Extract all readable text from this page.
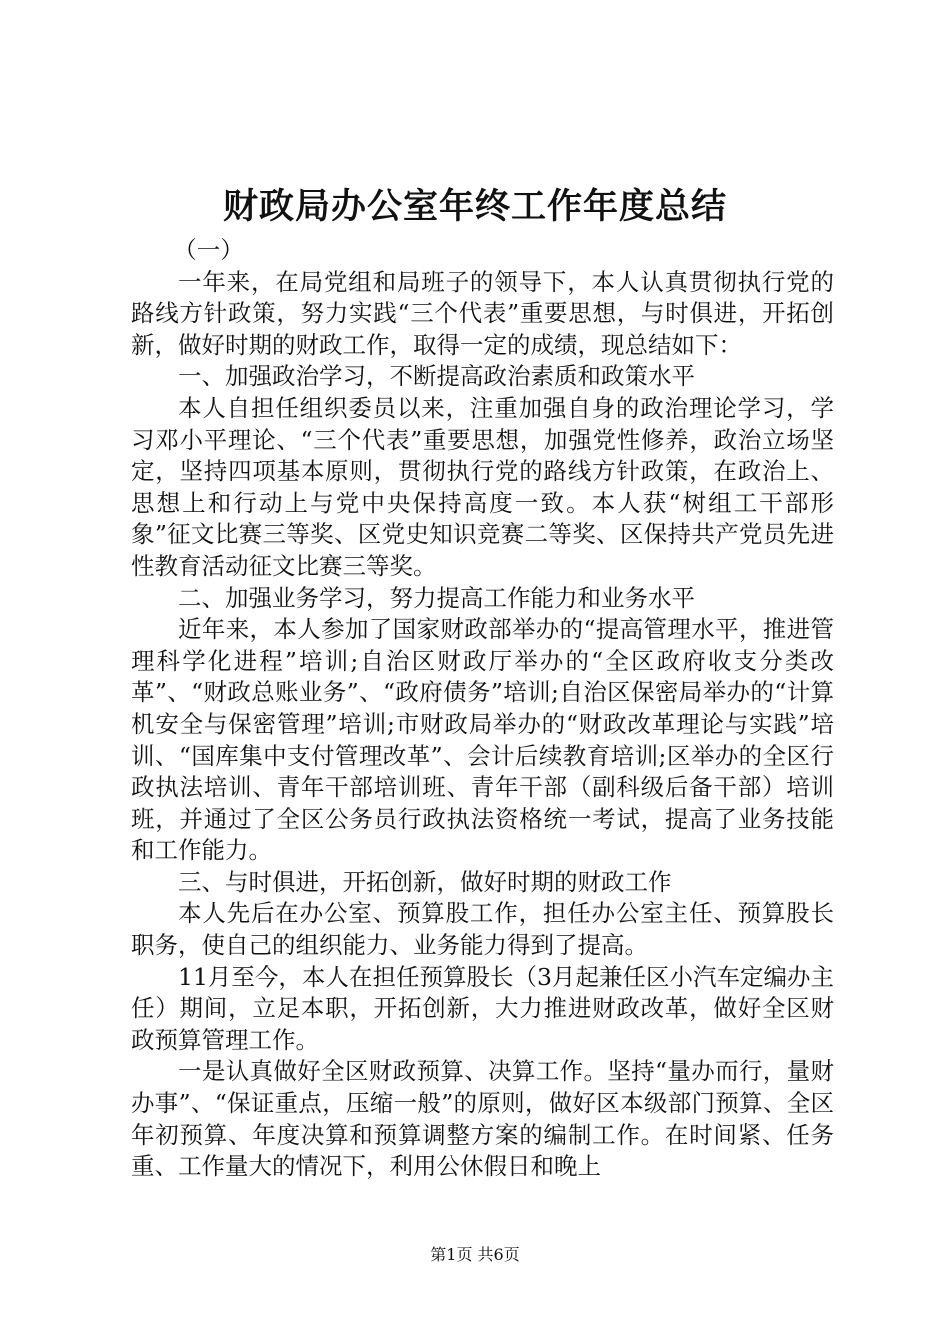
财政局办公室年终工作年度总结

（一）

一年来，在局党组和局班子的领导下，本人认真贯彻执行党的路线方针政策，努力实践“三个代表”重要思想，与时俱进，开拓创新，做好时期的财政工作，取得一定的成绩，现总结如下：

一、加强政治学习，不断提高政治素质和政策水平

本人自担任组织委员以来，注重加强自身的政治理论学习，学习邓小平理论、“三个代表”重要思想，加强党性修养，政治立场坚定，坚持四项基本原则，贯彻执行党的路线方针政策，在政治上、思想上和行动上与党中央保持高度一致。本人获“树组工干部形象”征文比赛三等奖、区党史知识竞赛二等奖、区保持共产党员先进性教育活动征文比赛三等奖。

二、加强业务学习，努力提高工作能力和业务水平

近年来，本人参加了国家财政部举办的“提高管理水平，推进管理科学化进程”培训;自治区财政厅举办的“全区政府收支分类改革”、“财政总账业务”、“政府债务”培训;自治区保密局举办的“计算机安全与保密管理”培训;市财政局举办的“财政改革理论与实践”培训、“国库集中支付管理改革”、会计后续教育培训;区举办的全区行政执法培训、青年干部培训班、青年干部（副科级后备干部）培训班，并通过了全区公务员行政执法资格统一考试，提高了业务技能和工作能力。

三、与时俱进，开拓创新，做好时期的财政工作

本人先后在办公室、预算股工作，担任办公室主任、预算股长职务，使自己的组织能力、业务能力得到了提高。

11月至今，本人在担任预算股长（3月起兼任区小汽车定编办主任）期间，立足本职，开拓创新，大力推进财政改革，做好全区财政预算管理工作。

一是认真做好全区财政预算、决算工作。坚持“量办而行，量财办事”、“保证重点，压缩一般”的原则，做好区本级部门预算、全区年初预算、年度决算和预算调整方案的编制工作。在时间紧、任务重、工作量大的情况下，利用公休假日和晚上

第1页 共6页
